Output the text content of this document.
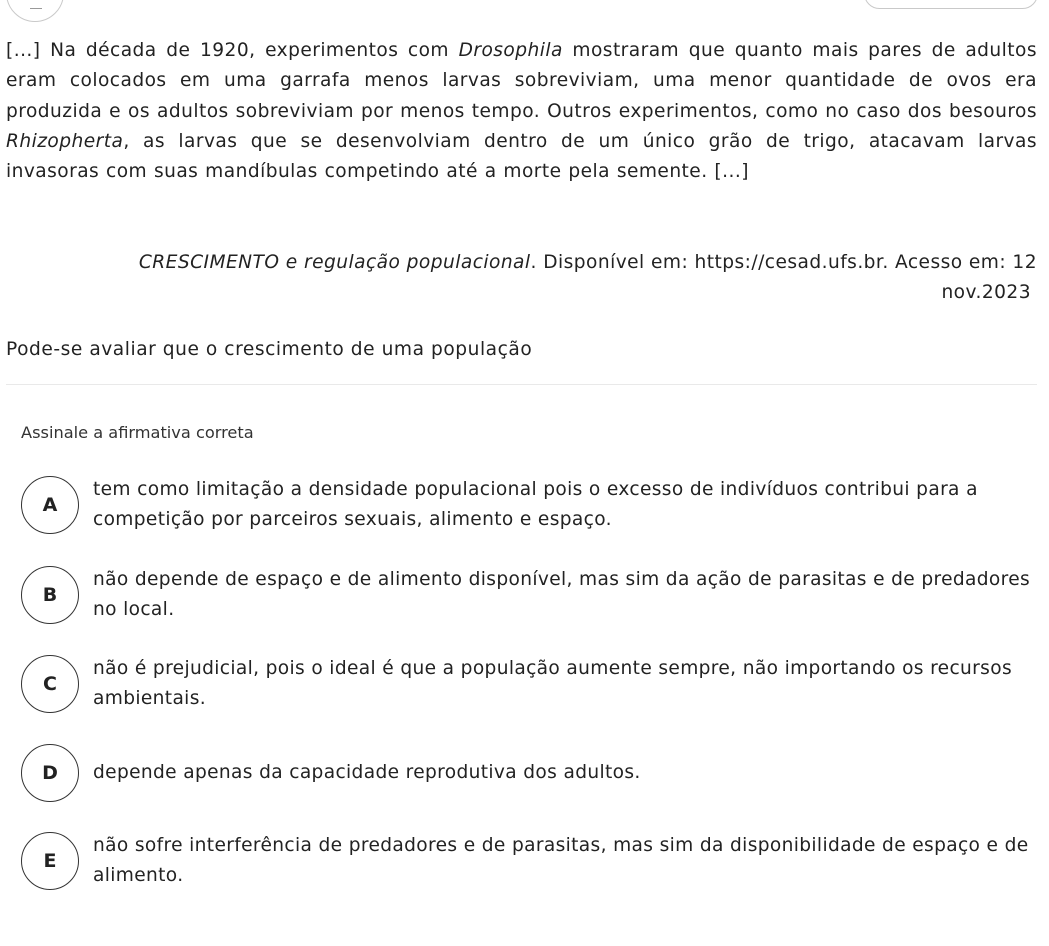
[...] Na década de 1920, experimentos com Drosophila mostraram que quanto mais pares de adultos eram colocados em uma garrafa menos larvas sobreviviam, uma menor quantidade de ovos era produzida e os adultos sobreviviam por menos tempo. Outros experimentos, como no caso dos besouros Rhizopherta, as larvas que se desenvolviam dentro de um único grão de trigo, atacavam larvas invasoras com suas mandíbulas competindo até a morte pela semente. [...]

CRESCIMENTO e regulação populacional. Disponível em: https://cesad.ufs.br. Acesso em: 12
nov.2023

Pode-se avaliar que o crescimento de uma população

Assinale a afirmativa correta

A
tem como limitação a densidade populacional pois o excesso de indivíduos contribui para a competição por parceiros sexuais, alimento e espaço.
B
não depende de espaço e de alimento disponível, mas sim da ação de parasitas e de predadores no local.
C
não é prejudicial, pois o ideal é que a população aumente sempre, não importando os recursos ambientais.
D	depende apenas da capacidade reprodutiva dos adultos.
E
não sofre interferência de predadores e de parasitas, mas sim da disponibilidade de espaço e de alimento.
